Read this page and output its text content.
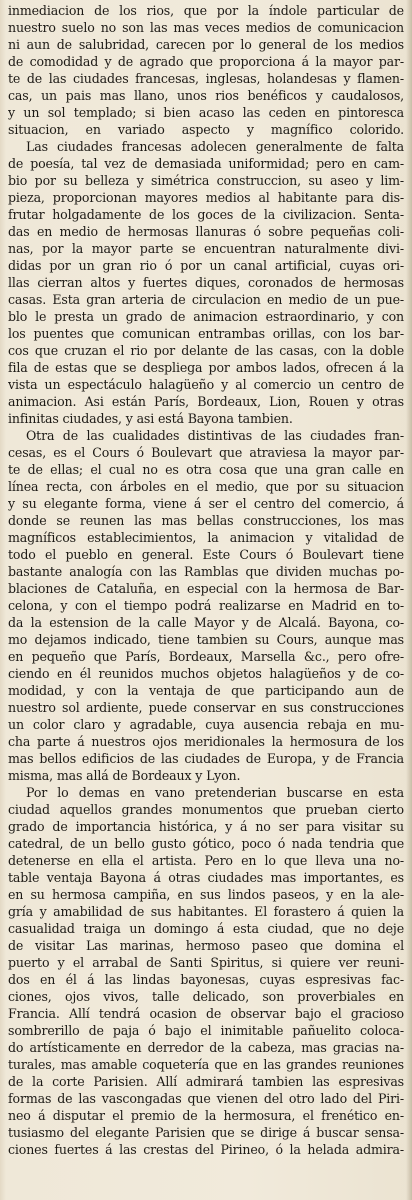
inmediacion de los rios, que por la índole particular de
nuestro suelo no son las mas veces medios de comunicacion
ni aun de salubridad, carecen por lo general de los medios
de comodidad y de agrado que proporciona á la mayor par-
te de las ciudades francesas, inglesas, holandesas y flamen-
cas, un pais mas llano, unos rios benéficos y caudalosos,
y un sol templado; si bien acaso las ceden en pintoresca
situacion, en variado aspecto y magnífico colorido.
Las ciudades francesas adolecen generalmente de falta
de poesía, tal vez de demasiada uniformidad; pero en cam-
bio por su belleza y simétrica construccion, su aseo y lim-
pieza, proporcionan mayores medios al habitante para dis-
frutar holgadamente de los goces de la civilizacion. Senta-
das en medio de hermosas llanuras ó sobre pequeñas coli-
nas, por la mayor parte se encuentran naturalmente divi-
didas por un gran rio ó por un canal artificial, cuyas ori-
llas cierran altos y fuertes diques, coronados de hermosas
casas. Esta gran arteria de circulacion en medio de un pue-
blo le presta un grado de animacion estraordinario, y con
los puentes que comunican entrambas orillas, con los bar-
cos que cruzan el rio por delante de las casas, con la doble
fila de estas que se despliega por ambos lados, ofrecen á la
vista un espectáculo halagüeño y al comercio un centro de
animacion. Asi están París, Bordeaux, Lion, Rouen y otras
infinitas ciudades, y asi está Bayona tambien.
Otra de las cualidades distintivas de las ciudades fran-
cesas, es el Cours ó Boulevart que atraviesa la mayor par-
te de ellas; el cual no es otra cosa que una gran calle en
línea recta, con árboles en el medio, que por su situacion
y su elegante forma, viene á ser el centro del comercio, á
donde se reunen las mas bellas construcciones, los mas
magníficos establecimientos, la animacion y vitalidad de
todo el pueblo en general. Este Cours ó Boulevart tiene
bastante analogía con las Ramblas que dividen muchas po-
blaciones de Cataluña, en especial con la hermosa de Bar-
celona, y con el tiempo podrá realizarse en Madrid en to-
da la estension de la calle Mayor y de Alcalá. Bayona, co-
mo dejamos indicado, tiene tambien su Cours, aunque mas
en pequeño que París, Bordeaux, Marsella &c., pero ofre-
ciendo en él reunidos muchos objetos halagüeños y de co-
modidad, y con la ventaja de que participando aun de
nuestro sol ardiente, puede conservar en sus construcciones
un color claro y agradable, cuya ausencia rebaja en mu-
cha parte á nuestros ojos meridionales la hermosura de los
mas bellos edificios de las ciudades de Europa, y de Francia
misma, mas allá de Bordeaux y Lyon.
Por lo demas en vano pretenderian buscarse en esta
ciudad aquellos grandes monumentos que prueban cierto
grado de importancia histórica, y á no ser para visitar su
catedral, de un bello gusto gótico, poco ó nada tendria que
detenerse en ella el artista. Pero en lo que lleva una no-
table ventaja Bayona á otras ciudades mas importantes, es
en su hermosa campiña, en sus lindos paseos, y en la ale-
gría y amabilidad de sus habitantes. El forastero á quien la
casualidad traiga un domingo á esta ciudad, que no deje
de visitar Las marinas, hermoso paseo que domina el
puerto y el arrabal de Santi Spiritus, si quiere ver reuni-
dos en él á las lindas bayonesas, cuyas espresivas fac-
ciones, ojos vivos, talle delicado, son proverbiales en
Francia. Allí tendrá ocasion de observar bajo el gracioso
sombrerillo de paja ó bajo el inimitable pañuelito coloca-
do artísticamente en derredor de la cabeza, mas gracias na-
turales, mas amable coquetería que en las grandes reuniones
de la corte Parisien. Allí admirará tambien las espresivas
formas de las vascongadas que vienen del otro lado del Piri-
neo á disputar el premio de la hermosura, el frenético en-
tusiasmo del elegante Parisien que se dirige á buscar sensa-
ciones fuertes á las crestas del Pirineo, ó la helada admira-
